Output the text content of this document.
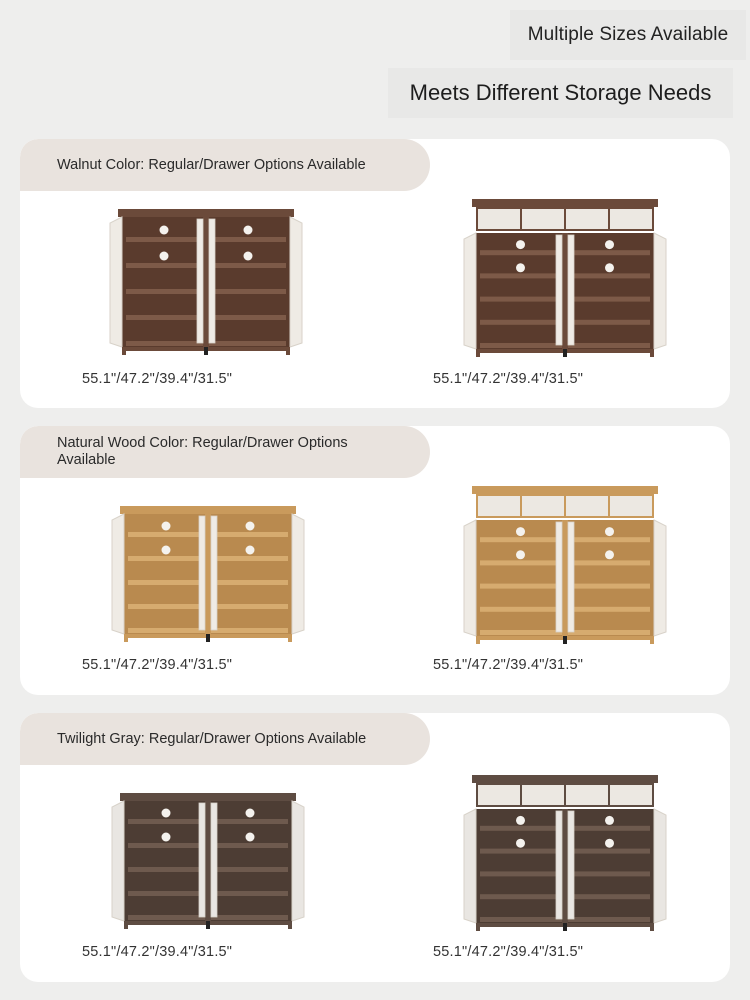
Multiple Sizes Available
Meets Different Storage Needs
Walnut Color: Regular/Drawer Options Available
55.1"/47.2"/39.4"/31.5"	55.1"/47.2"/39.4"/31.5"
Natural Wood Color: Regular/Drawer Options Available
55.1"/47.2"/39.4"/31.5"	55.1"/47.2"/39.4"/31.5"
Twilight Gray: Regular/Drawer Options Available
55.1"/47.2"/39.4"/31.5"	55.1"/47.2"/39.4"/31.5"
